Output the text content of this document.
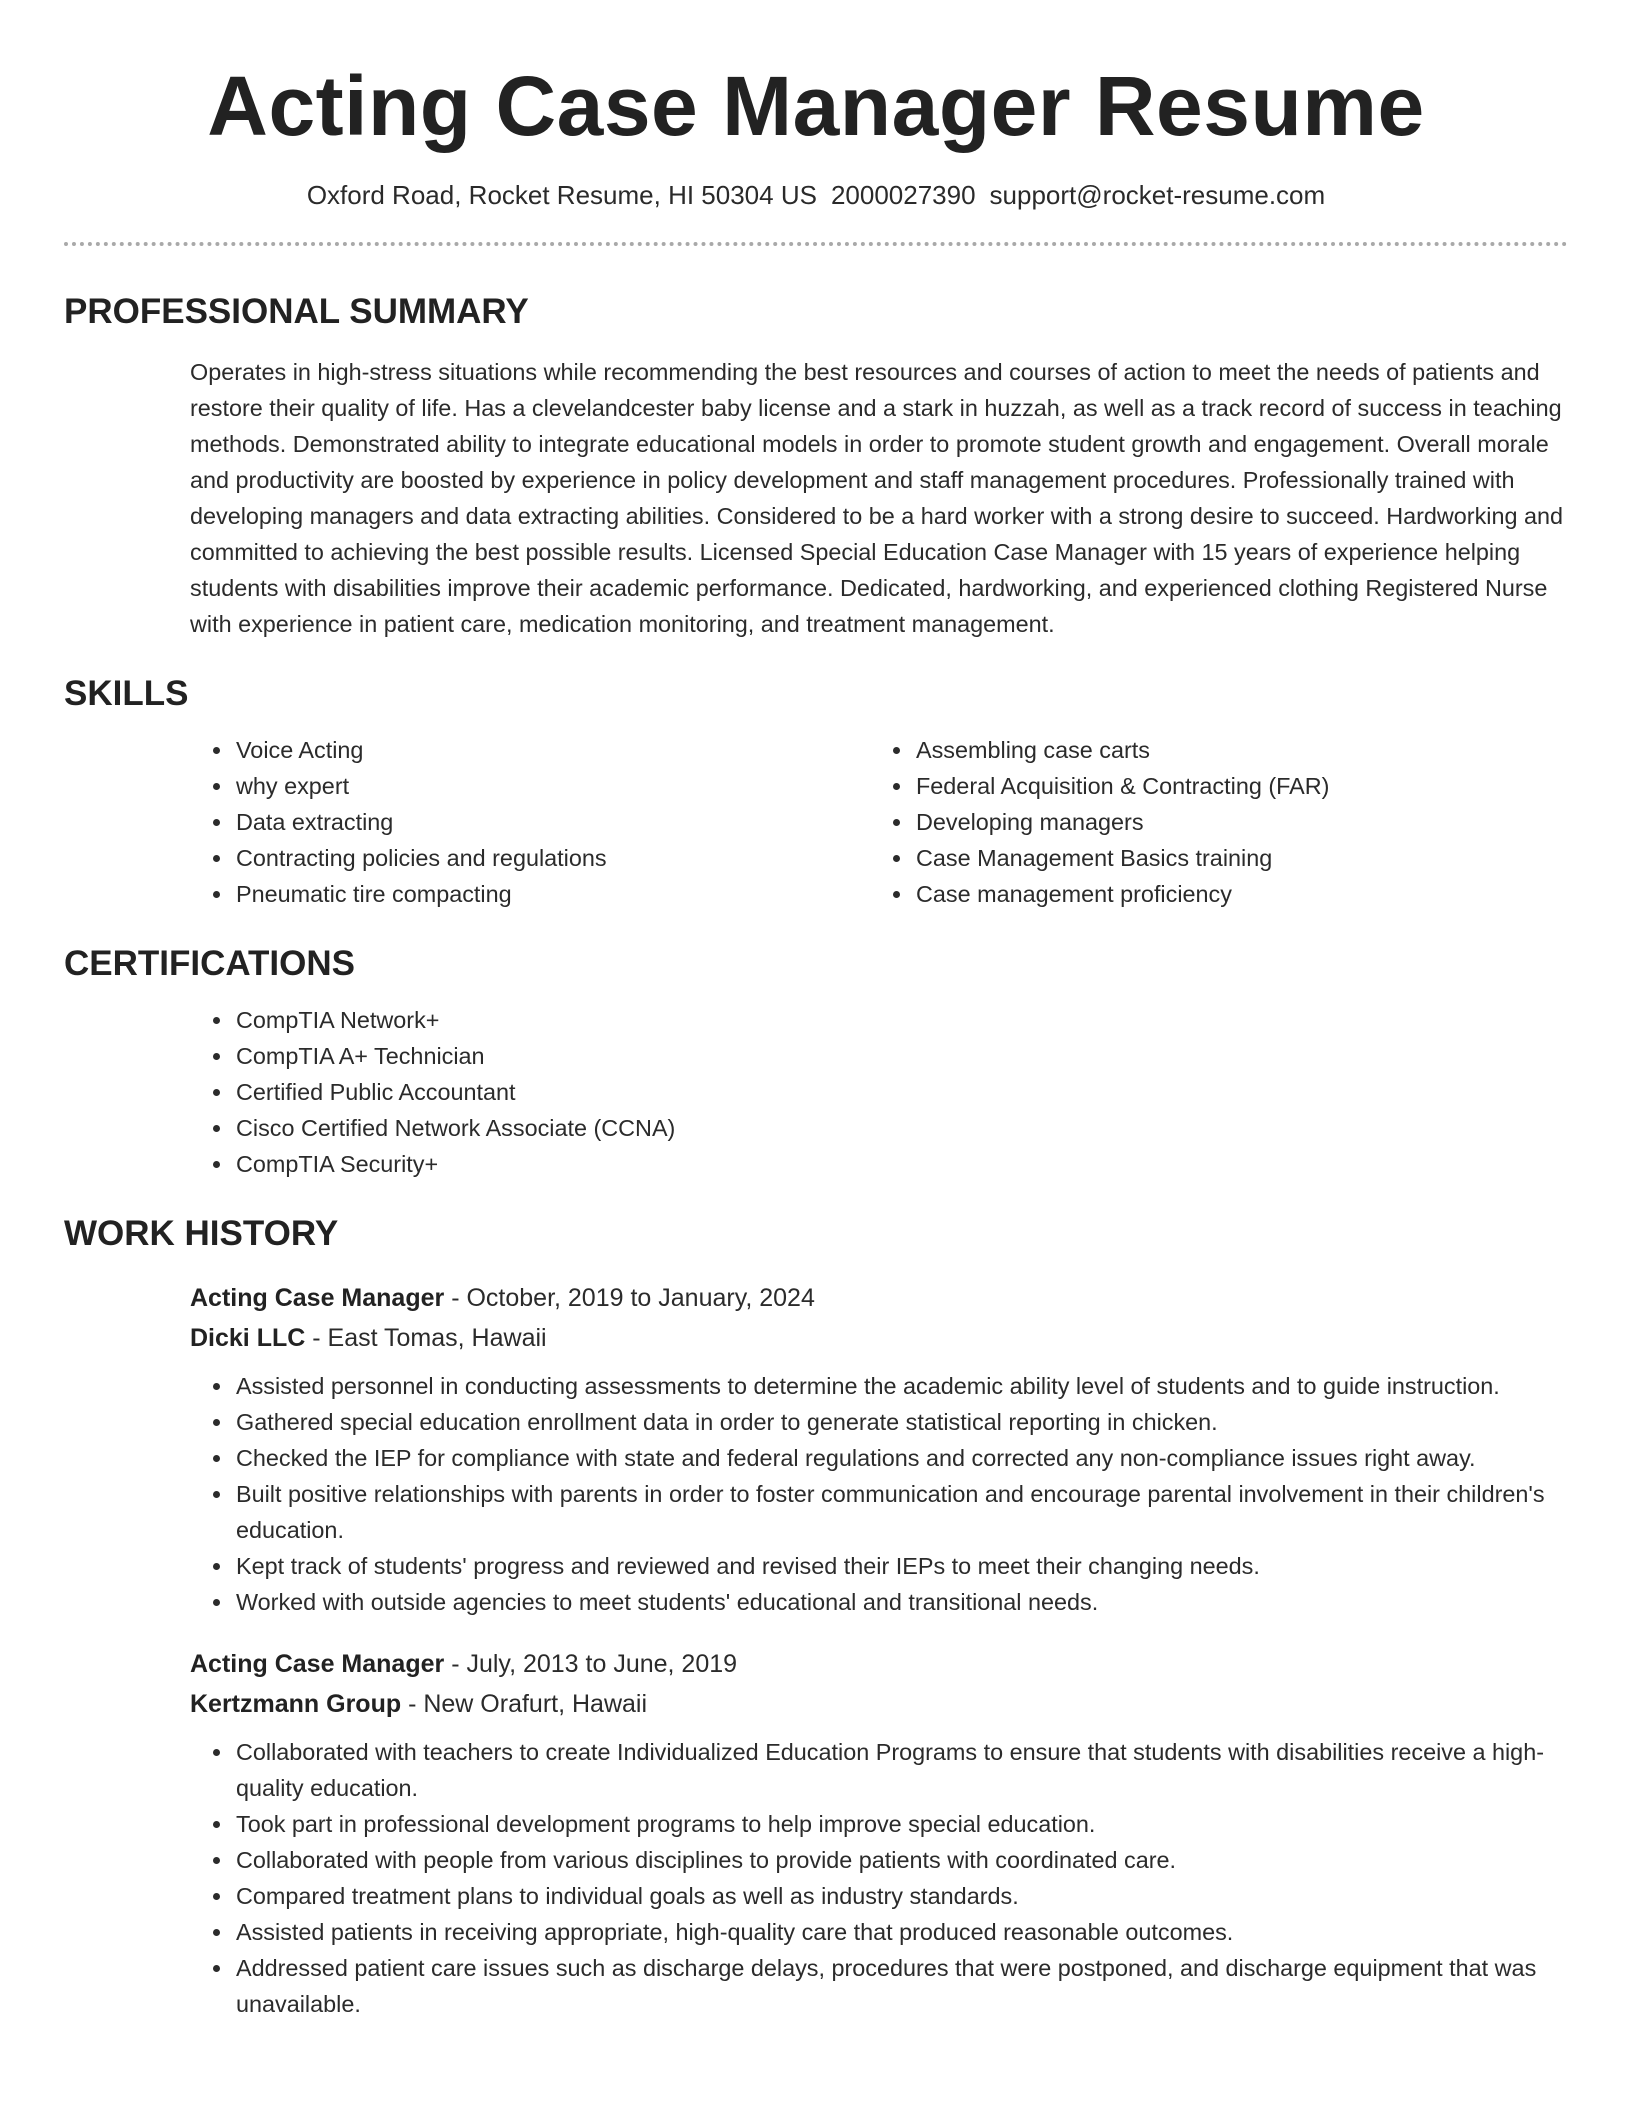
Acting Case Manager Resume
Oxford Road, Rocket Resume, HI 50304 US 2000027390 support@rocket-resume.com
PROFESSIONAL SUMMARY
Operates in high-stress situations while recommending the best resources and courses of action to meet the needs of patients and restore their quality of life. Has a clevelandcester baby license and a stark in huzzah, as well as a track record of success in teaching methods. Demonstrated ability to integrate educational models in order to promote student growth and engagement. Overall morale and productivity are boosted by experience in policy development and staff management procedures. Professionally trained with developing managers and data extracting abilities. Considered to be a hard worker with a strong desire to succeed. Hardworking and committed to achieving the best possible results. Licensed Special Education Case Manager with 15 years of experience helping students with disabilities improve their academic performance. Dedicated, hardworking, and experienced clothing Registered Nurse with experience in patient care, medication monitoring, and treatment management.
SKILLS
• Voice Acting
• why expert
• Data extracting
• Contracting policies and regulations
• Pneumatic tire compacting
• Assembling case carts
• Federal Acquisition & Contracting (FAR)
• Developing managers
• Case Management Basics training
• Case management proficiency
CERTIFICATIONS
• CompTIA Network+
• CompTIA A+ Technician
• Certified Public Accountant
• Cisco Certified Network Associate (CCNA)
• CompTIA Security+
WORK HISTORY
Acting Case Manager - October, 2019 to January, 2024
Dicki LLC - East Tomas, Hawaii
• Assisted personnel in conducting assessments to determine the academic ability level of students and to guide instruction.
• Gathered special education enrollment data in order to generate statistical reporting in chicken.
• Checked the IEP for compliance with state and federal regulations and corrected any non-compliance issues right away.
• Built positive relationships with parents in order to foster communication and encourage parental involvement in their children's education.
• Kept track of students' progress and reviewed and revised their IEPs to meet their changing needs.
• Worked with outside agencies to meet students' educational and transitional needs.
Acting Case Manager - July, 2013 to June, 2019
Kertzmann Group - New Orafurt, Hawaii
• Collaborated with teachers to create Individualized Education Programs to ensure that students with disabilities receive a high-quality education.
• Took part in professional development programs to help improve special education.
• Collaborated with people from various disciplines to provide patients with coordinated care.
• Compared treatment plans to individual goals as well as industry standards.
• Assisted patients in receiving appropriate, high-quality care that produced reasonable outcomes.
• Addressed patient care issues such as discharge delays, procedures that were postponed, and discharge equipment that was unavailable.
